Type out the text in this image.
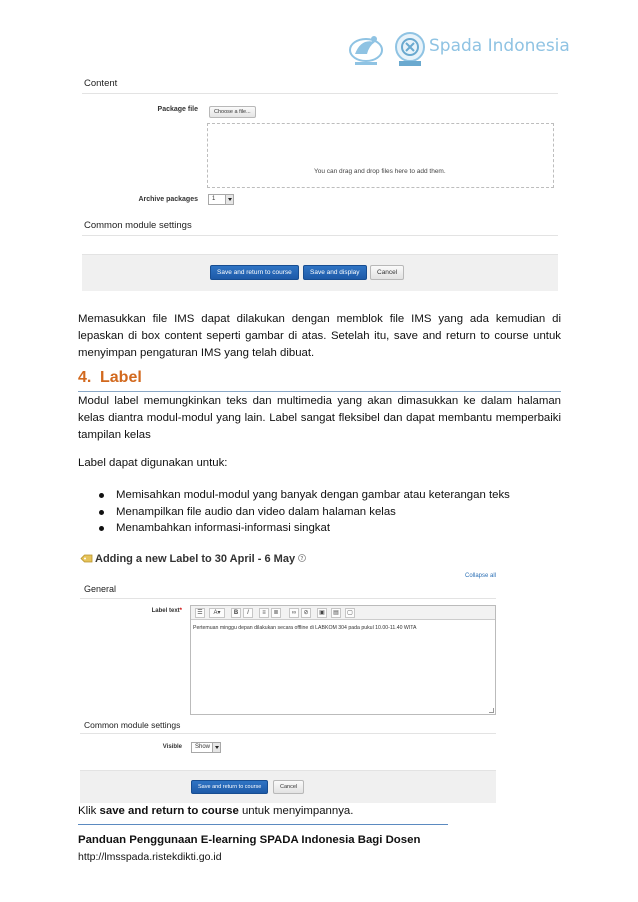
Spada Indonesia
Content
Package file	Choose a file...
You can drag and drop files here to add them.
Archive packages	1
Common module settings
Save and return to course	Save and display	Cancel

Memasukkan file IMS dapat dilakukan dengan memblok file IMS yang ada kemudian di lepaskan di box content seperti gambar di atas. Setelah itu, save and return to course untuk menyimpan pengaturan IMS yang telah dibuat.

4. Label

Modul label memungkinkan teks dan multimedia yang akan dimasukkan ke dalam halaman kelas diantra modul-modul yang lain. Label sangat fleksibel dan dapat membantu memperbaiki tampilan kelas

Label dapat digunakan untuk:

Memisahkan modul-modul yang banyak dengan gambar atau keterangan teks
Menampilkan file audio dan video dalam halaman kelas
Menambahkan informasi-informasi singkat
Adding a new Label to 30 April - 6 May ?
Collapse all
General
Label text*	☰	A▾	B	I	≡	≣	∞	⊘	▣	▤	▢
Pertemuan minggu depan dilakukan secara offline di LABKOM 304 pada pukul 10.00-11.40 WITA
Common module settings
Visible	Show
Save and return to course	Cancel

Klik save and return to course untuk menyimpannya.

Panduan Penggunaan E-learning SPADA Indonesia Bagi Dosen
http://lmsspada.ristekdikti.go.id
